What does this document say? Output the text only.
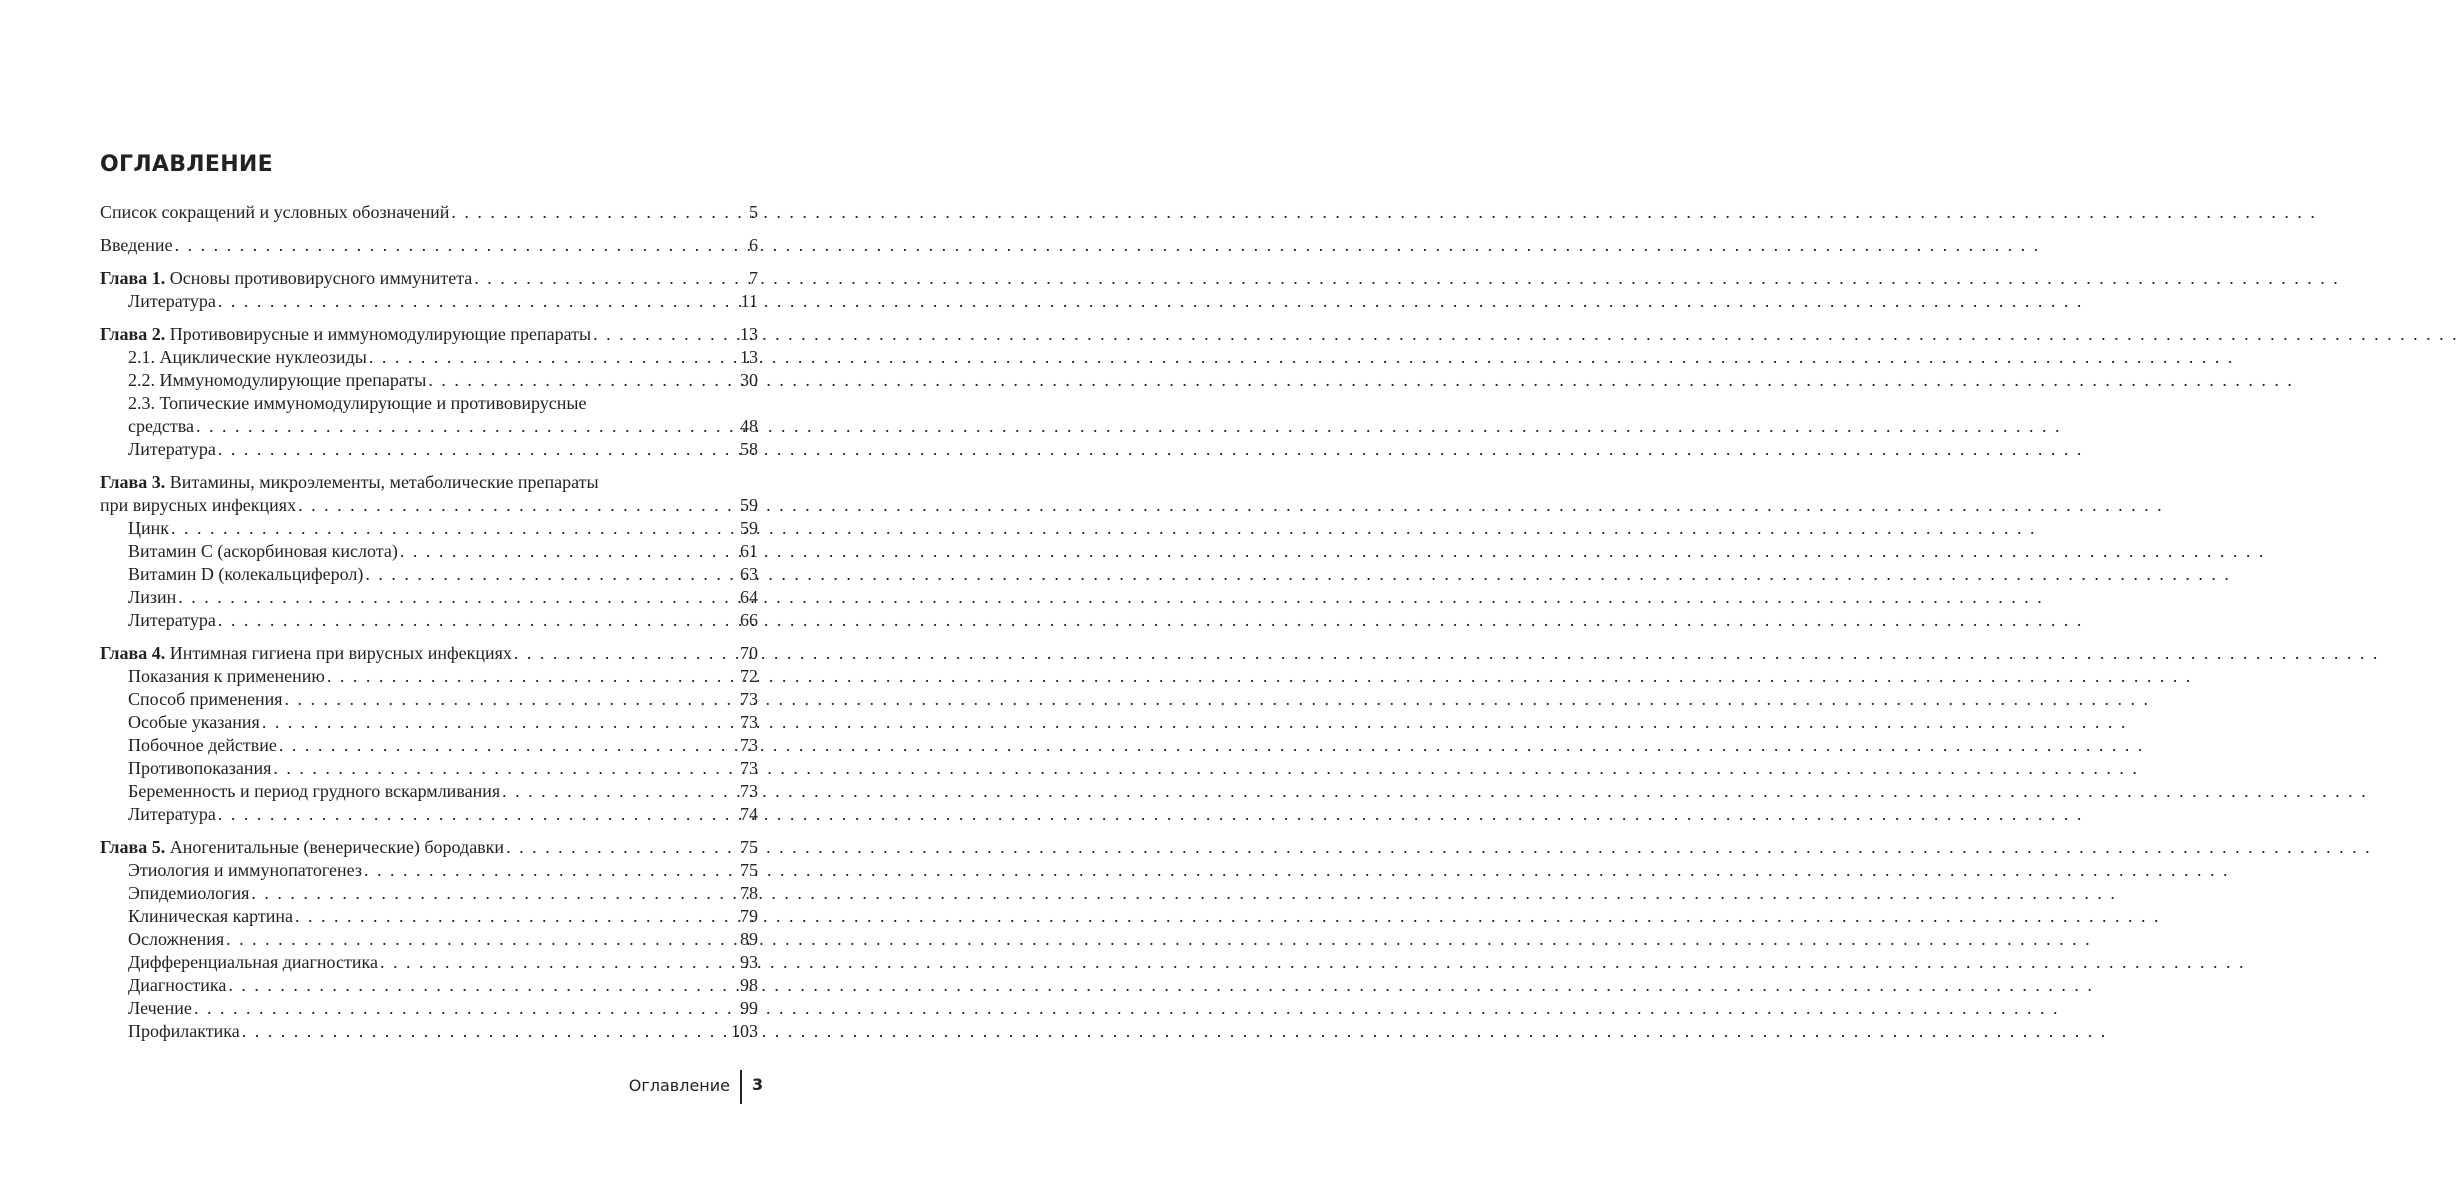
ОГЛАВЛЕНИЕ
Список сокращений и условных обозначений . . .	5
Введение . . .	6
Глава 1. Основы противовирусного иммунитета . . .	7
Литература . . .	11
Глава 2. Противовирусные и иммуномодулирующие препараты . . .	13
2.1. Ациклические нуклеозиды . . .	13
2.2. Иммуномодулирующие препараты . . .	30
2.3. Топические иммуномодулирующие и противовирусные
средства . . .	48
Литература . . .	58
Глава 3. Витамины, микроэлементы, метаболические препараты
при вирусных инфекциях . . .	59
Цинк . . .	59
Витамин C (аскорбиновая кислота) . . .	61
Витамин D (колекальциферол) . . .	63
Лизин . . .	64
Литература . . .	66
Глава 4. Интимная гигиена при вирусных инфекциях . . .	70
Показания к применению . . .	72
Способ применения . . .	73
Особые указания . . .	73
Побочное действие . . .	73
Противопоказания . . .	73
Беременность и период грудного вскармливания . . .	73
Литература . . .	74
Глава 5. Аногенитальные (венерические) бородавки . . .	75
Этиология и иммунопатогенез . . .	75
Эпидемиология . . .	78
Клиническая картина . . .	79
Осложнения . . .	89
Дифференциальная диагностика . . .	93
Диагностика . . .	98
Лечение . . .	99
Профилактика . . .	103
Оглавление 3
